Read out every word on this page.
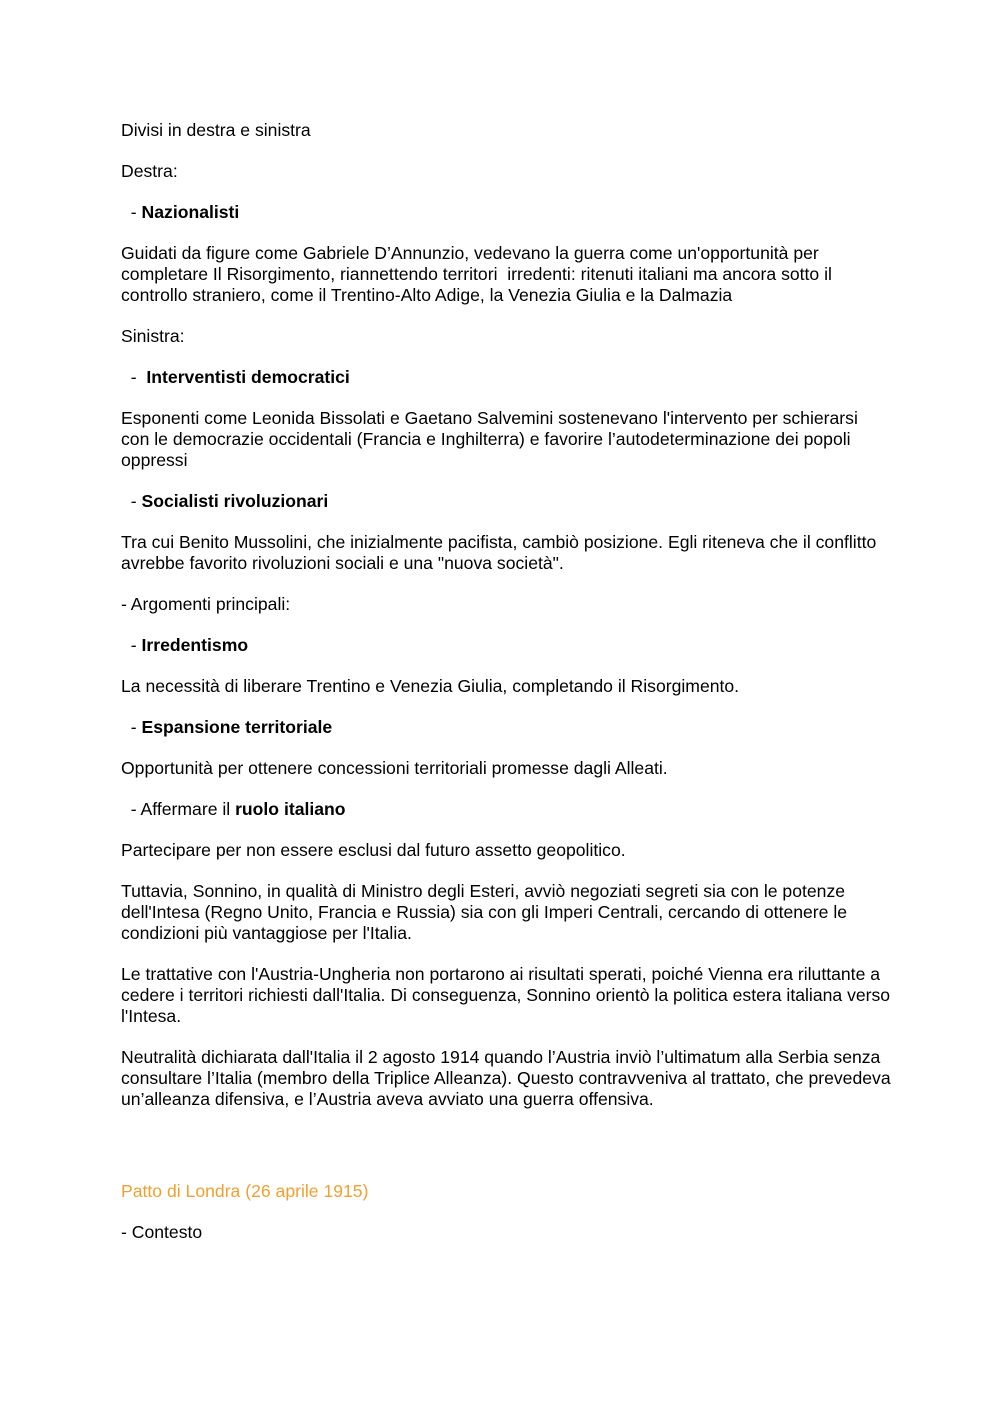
Divisi in destra e sinistra

Destra:

- Nazionalisti

Guidati da figure come Gabriele D’Annunzio, vedevano la guerra come un'opportunità per completare Il Risorgimento, riannettendo territori  irredenti: ritenuti italiani ma ancora sotto il controllo straniero, come il Trentino-Alto Adige, la Venezia Giulia e la Dalmazia

Sinistra:

-  Interventisti democratici

Esponenti come Leonida Bissolati e Gaetano Salvemini sostenevano l'intervento per schierarsi con le democrazie occidentali (Francia e Inghilterra) e favorire l’autodeterminazione dei popoli oppressi

- Socialisti rivoluzionari

Tra cui Benito Mussolini, che inizialmente pacifista, cambiò posizione. Egli riteneva che il conflitto avrebbe favorito rivoluzioni sociali e una "nuova società".

- Argomenti principali:

- Irredentismo

La necessità di liberare Trentino e Venezia Giulia, completando il Risorgimento.

- Espansione territoriale

Opportunità per ottenere concessioni territoriali promesse dagli Alleati.

- Affermare il ruolo italiano

Partecipare per non essere esclusi dal futuro assetto geopolitico.

Tuttavia, Sonnino, in qualità di Ministro degli Esteri, avviò negoziati segreti sia con le potenze dell'Intesa (Regno Unito, Francia e Russia) sia con gli Imperi Centrali, cercando di ottenere le condizioni più vantaggiose per l'Italia.

Le trattative con l'Austria-Ungheria non portarono ai risultati sperati, poiché Vienna era riluttante a cedere i territori richiesti dall'Italia. Di conseguenza, Sonnino orientò la politica estera italiana verso l'Intesa.

Neutralità dichiarata dall'Italia il 2 agosto 1914 quando l’Austria inviò l’ultimatum alla Serbia senza consultare l’Italia (membro della Triplice Alleanza). Questo contravveniva al trattato, che prevedeva un’alleanza difensiva, e l’Austria aveva avviato una guerra offensiva.

Patto di Londra (26 aprile 1915)

- Contesto
